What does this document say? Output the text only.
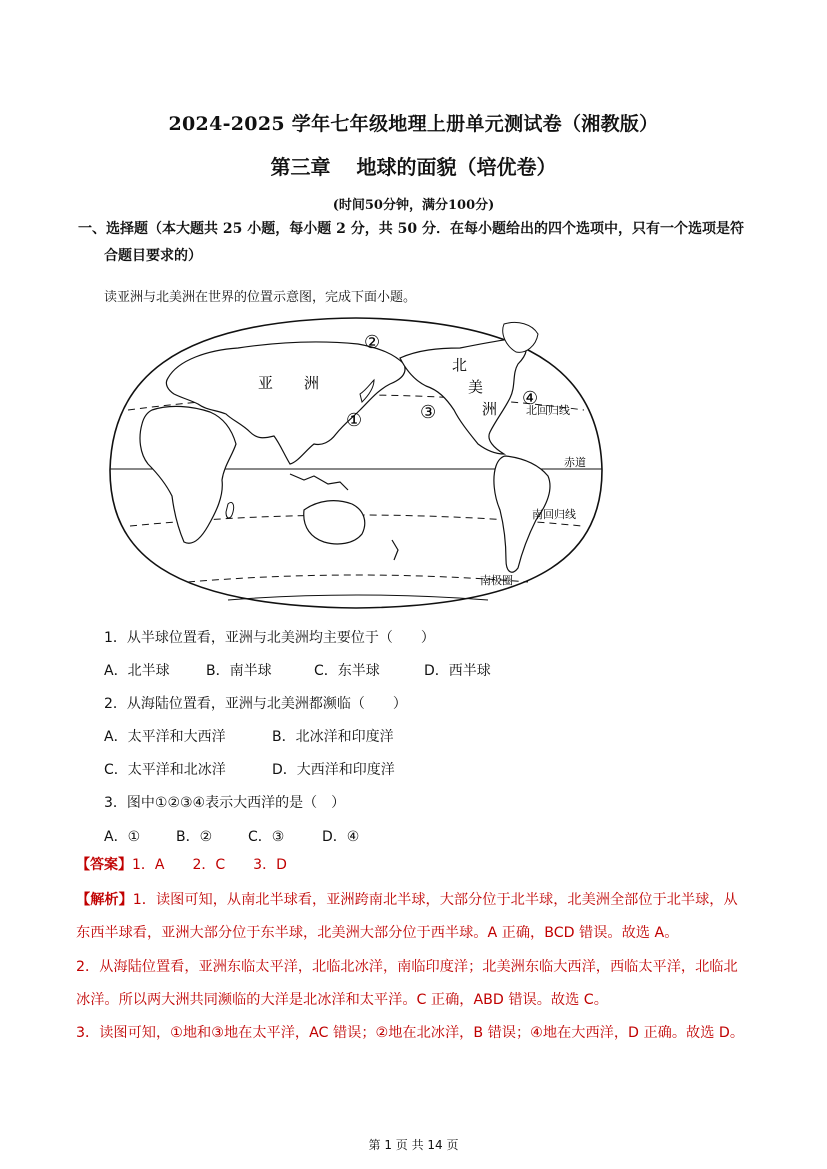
2024-2025 学年七年级地理上册单元测试卷（湘教版）
第三章 地球的面貌（培优卷）
(时间50分钟，满分100分)
一、选择题（本大题共 25 小题，每小题 2 分，共 50 分．在每小题给出的四个选项中，只有一个选项是符
合题目要求的）
读亚洲与北美洲在世界的位置示意图，完成下面小题。
亚 洲
北
美
洲
①
②
③
④
北回归线
赤道
南回归线
南极圈
1．从半球位置看，亚洲与北美洲均主要位于（　　）
A．北半球	B．南半球	C．东半球	D．西半球
2．从海陆位置看，亚洲与北美洲都濒临（　　）
A．太平洋和大西洋	B．北冰洋和印度洋
C．太平洋和北冰洋	D．大西洋和印度洋
3．图中①②③④表示大西洋的是（　）
A．①	B．②	C．③	D．④
【答案】1．A　　2．C　　3．D
【解析】1．读图可知，从南北半球看，亚洲跨南北半球，大部分位于北半球，北美洲全部位于北半球，从
东西半球看，亚洲大部分位于东半球，北美洲大部分位于西半球。A 正确，BCD 错误。故选 A。
2．从海陆位置看，亚洲东临太平洋，北临北冰洋，南临印度洋；北美洲东临大西洋，西临太平洋，北临北
冰洋。所以两大洲共同濒临的大洋是北冰洋和太平洋。C 正确，ABD 错误。故选 C。
3．读图可知，①地和③地在太平洋，AC 错误；②地在北冰洋，B 错误；④地在大西洋，D 正确。故选 D。
第 1 页 共 14 页
